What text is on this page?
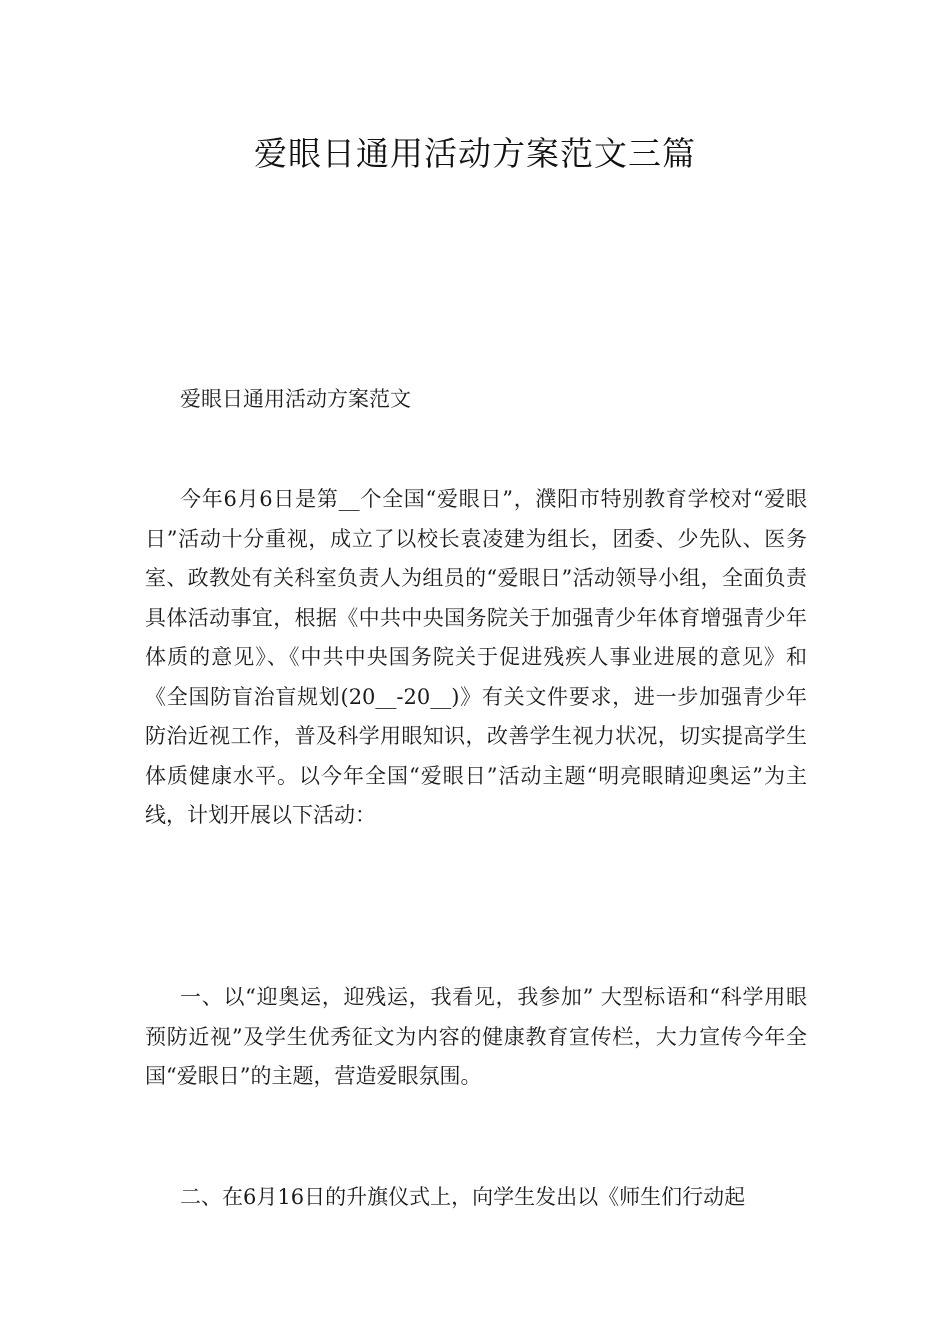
爱眼日通用活动方案范文三篇

爱眼日通用活动方案范文

今年6月6日是第__个全国“爱眼日”，濮阳市特别教育学校对“爱眼日”活动十分重视，成立了以校长袁凌建为组长，团委、少先队、医务室、政教处有关科室负责人为组员的“爱眼日”活动领导小组，全面负责具体活动事宜，根据《中共中央国务院关于加强青少年体育增强青少年体质的意见》、《中共中央国务院关于促进残疾人事业进展的意见》和《全国防盲治盲规划(20__-20__)》有关文件要求，进一步加强青少年防治近视工作，普及科学用眼知识，改善学生视力状况，切实提高学生体质健康水平。以今年全国“爱眼日”活动主题“明亮眼睛迎奥运”为主线，计划开展以下活动：

一、以“迎奥运，迎残运，我看见，我参加” 大型标语和“科学用眼 预防近视”及学生优秀征文为内容的健康教育宣传栏，大力宣传今年全国“爱眼日”的主题，营造爱眼氛围。

二、在6月16日的升旗仪式上，向学生发出以《师生们行动起
